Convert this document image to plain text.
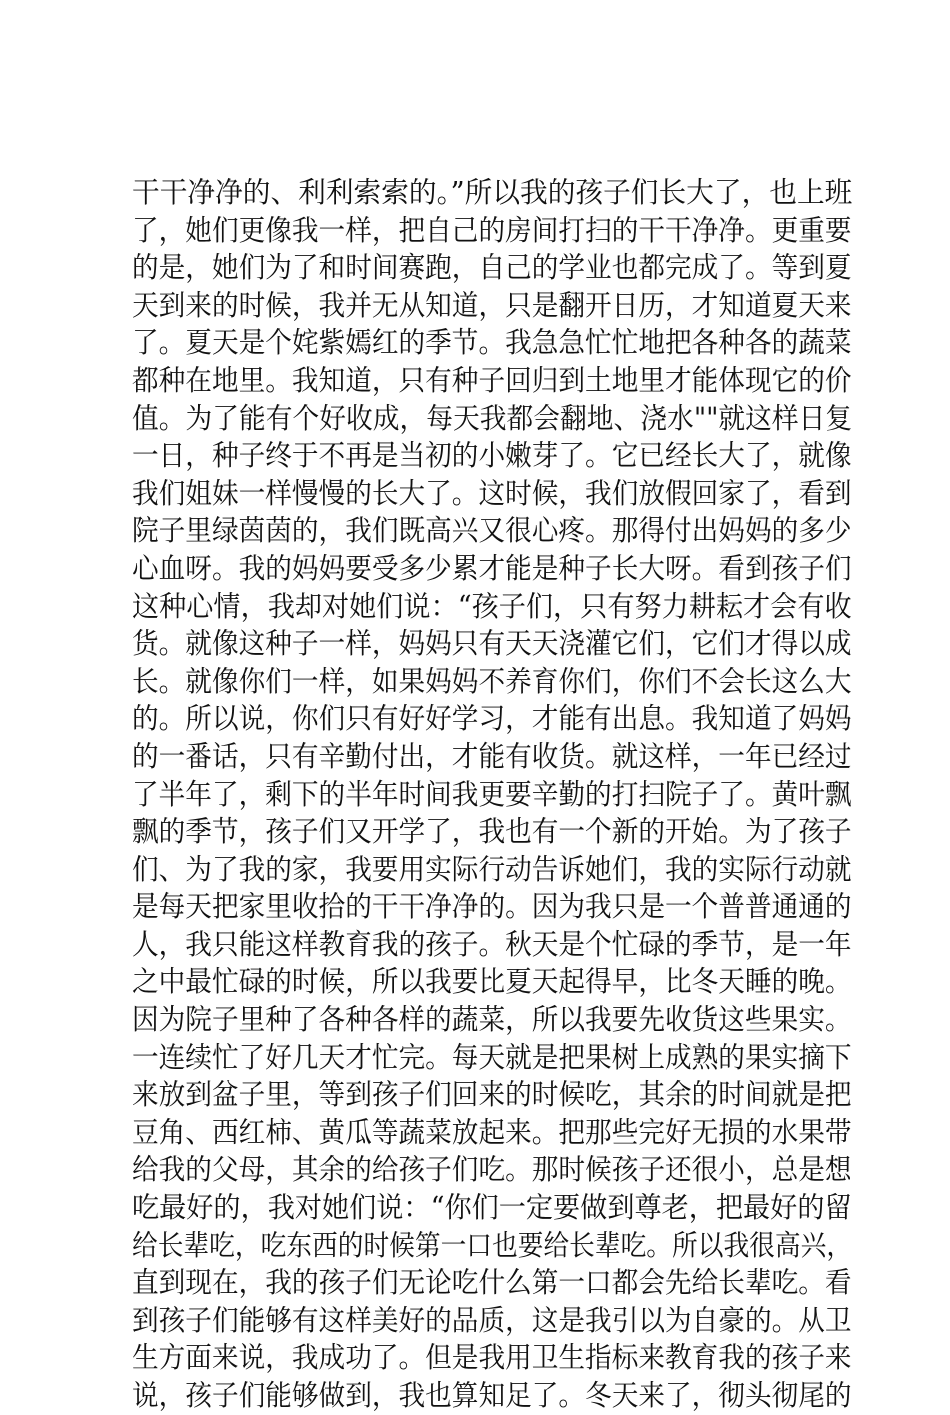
干干净净的、利利索索的。”所以我的孩子们长大了，也上班
了，她们更像我一样，把自己的房间打扫的干干净净。更重要
的是，她们为了和时间赛跑，自己的学业也都完成了。等到夏
天到来的时候，我并无从知道，只是翻开日历，才知道夏天来
了。夏天是个姹紫嫣红的季节。我急急忙忙地把各种各的蔬菜
都种在地里。我知道，只有种子回归到土地里才能体现它的价
值。为了能有个好收成，每天我都会翻地、浇水""就这样日复
一日，种子终于不再是当初的小嫩芽了。它已经长大了，就像
我们姐妹一样慢慢的长大了。这时候，我们放假回家了，看到
院子里绿茵茵的，我们既高兴又很心疼。那得付出妈妈的多少
心血呀。我的妈妈要受多少累才能是种子长大呀。看到孩子们
这种心情，我却对她们说：“孩子们，只有努力耕耘才会有收
货。就像这种子一样，妈妈只有天天浇灌它们，它们才得以成
长。就像你们一样，如果妈妈不养育你们，你们不会长这么大
的。所以说，你们只有好好学习，才能有出息。我知道了妈妈
的一番话，只有辛勤付出，才能有收货。就这样，一年已经过
了半年了，剩下的半年时间我更要辛勤的打扫院子了。黄叶飘
飘的季节，孩子们又开学了，我也有一个新的开始。为了孩子
们、为了我的家，我要用实际行动告诉她们，我的实际行动就
是每天把家里收拾的干干净净的。因为我只是一个普普通通的
人，我只能这样教育我的孩子。秋天是个忙碌的季节，是一年
之中最忙碌的时候，所以我要比夏天起得早，比冬天睡的晚。
因为院子里种了各种各样的蔬菜，所以我要先收货这些果实。
一连续忙了好几天才忙完。每天就是把果树上成熟的果实摘下
来放到盆子里，等到孩子们回来的时候吃，其余的时间就是把
豆角、西红柿、黄瓜等蔬菜放起来。把那些完好无损的水果带
给我的父母，其余的给孩子们吃。那时候孩子还很小，总是想
吃最好的，我对她们说：“你们一定要做到尊老，把最好的留
给长辈吃，吃东西的时候第一口也要给长辈吃。所以我很高兴，
直到现在，我的孩子们无论吃什么第一口都会先给长辈吃。看
到孩子们能够有这样美好的品质，这是我引以为自豪的。从卫
生方面来说，我成功了。但是我用卫生指标来教育我的孩子来
说，孩子们能够做到，我也算知足了。冬天来了，彻头彻尾的
